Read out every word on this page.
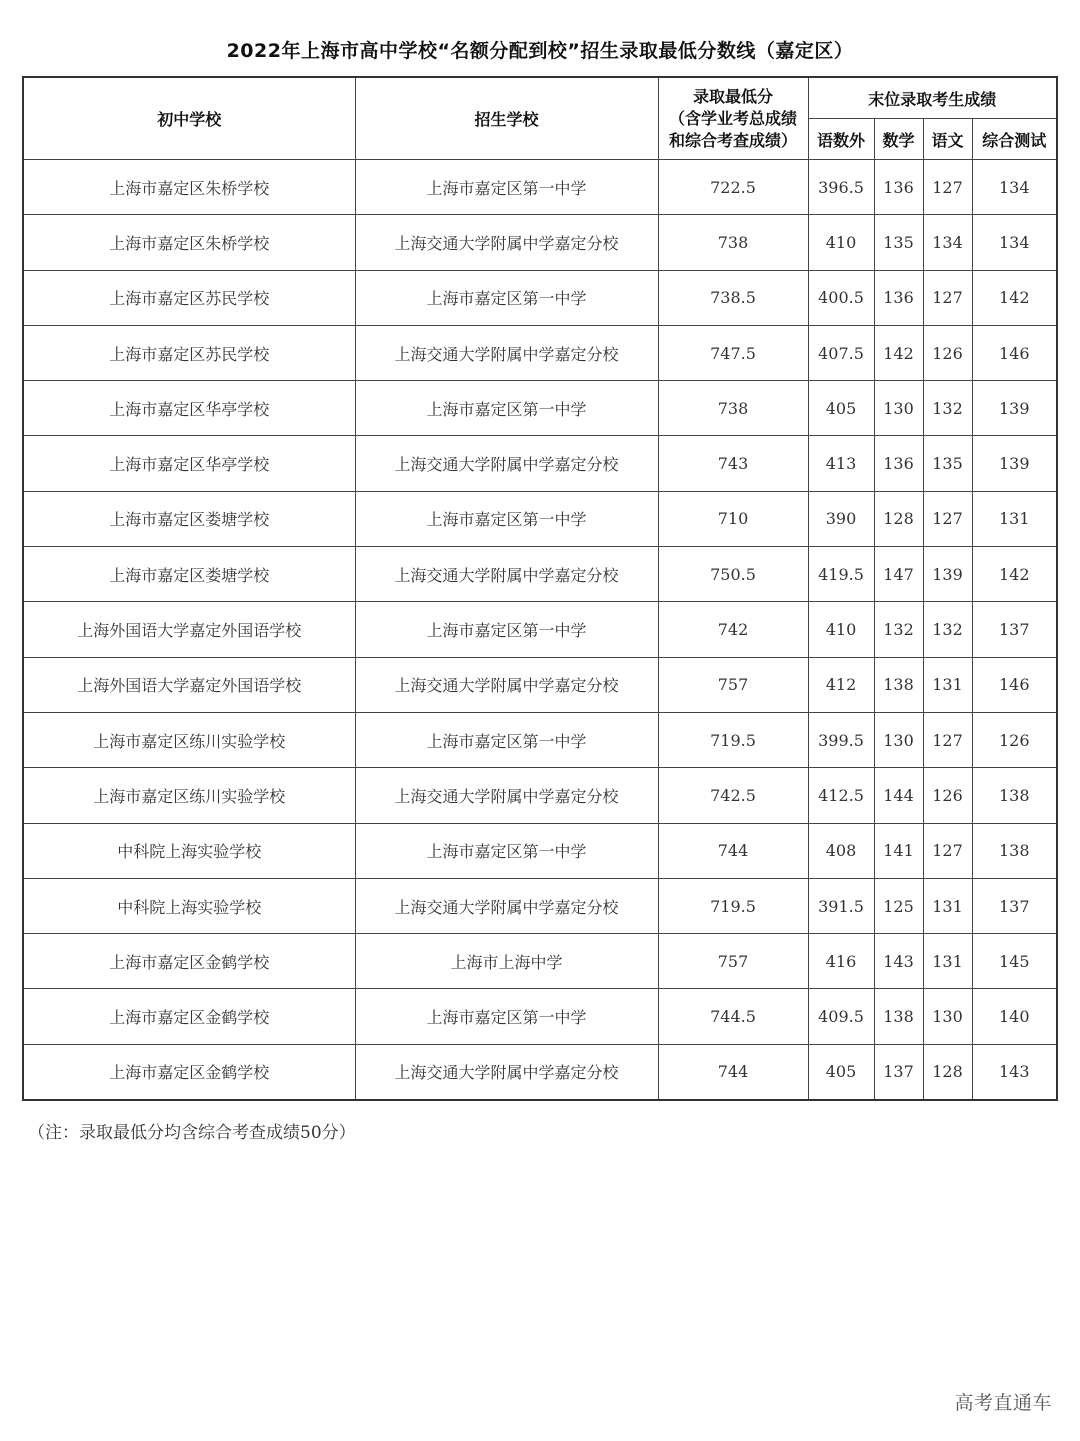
2022年上海市高中学校“名额分配到校”招生录取最低分数线（嘉定区）
初中学校	招生学校	录取最低分
（含学业考总成绩
和综合考查成绩）	末位录取考生成绩			
			语数外	数学	语文	综合测试
上海市嘉定区朱桥学校	上海市嘉定区第一中学	722.5	396.5	136	127	134
上海市嘉定区朱桥学校	上海交通大学附属中学嘉定分校	738	410	135	134	134
上海市嘉定区苏民学校	上海市嘉定区第一中学	738.5	400.5	136	127	142
上海市嘉定区苏民学校	上海交通大学附属中学嘉定分校	747.5	407.5	142	126	146
上海市嘉定区华亭学校	上海市嘉定区第一中学	738	405	130	132	139
上海市嘉定区华亭学校	上海交通大学附属中学嘉定分校	743	413	136	135	139
上海市嘉定区娄塘学校	上海市嘉定区第一中学	710	390	128	127	131
上海市嘉定区娄塘学校	上海交通大学附属中学嘉定分校	750.5	419.5	147	139	142
上海外国语大学嘉定外国语学校	上海市嘉定区第一中学	742	410	132	132	137
上海外国语大学嘉定外国语学校	上海交通大学附属中学嘉定分校	757	412	138	131	146
上海市嘉定区练川实验学校	上海市嘉定区第一中学	719.5	399.5	130	127	126
上海市嘉定区练川实验学校	上海交通大学附属中学嘉定分校	742.5	412.5	144	126	138
中科院上海实验学校	上海市嘉定区第一中学	744	408	141	127	138
中科院上海实验学校	上海交通大学附属中学嘉定分校	719.5	391.5	125	131	137
上海市嘉定区金鹤学校	上海市上海中学	757	416	143	131	145
上海市嘉定区金鹤学校	上海市嘉定区第一中学	744.5	409.5	138	130	140
上海市嘉定区金鹤学校	上海交通大学附属中学嘉定分校	744	405	137	128	143
（注：录取最低分均含综合考查成绩50分）
高考直通车
